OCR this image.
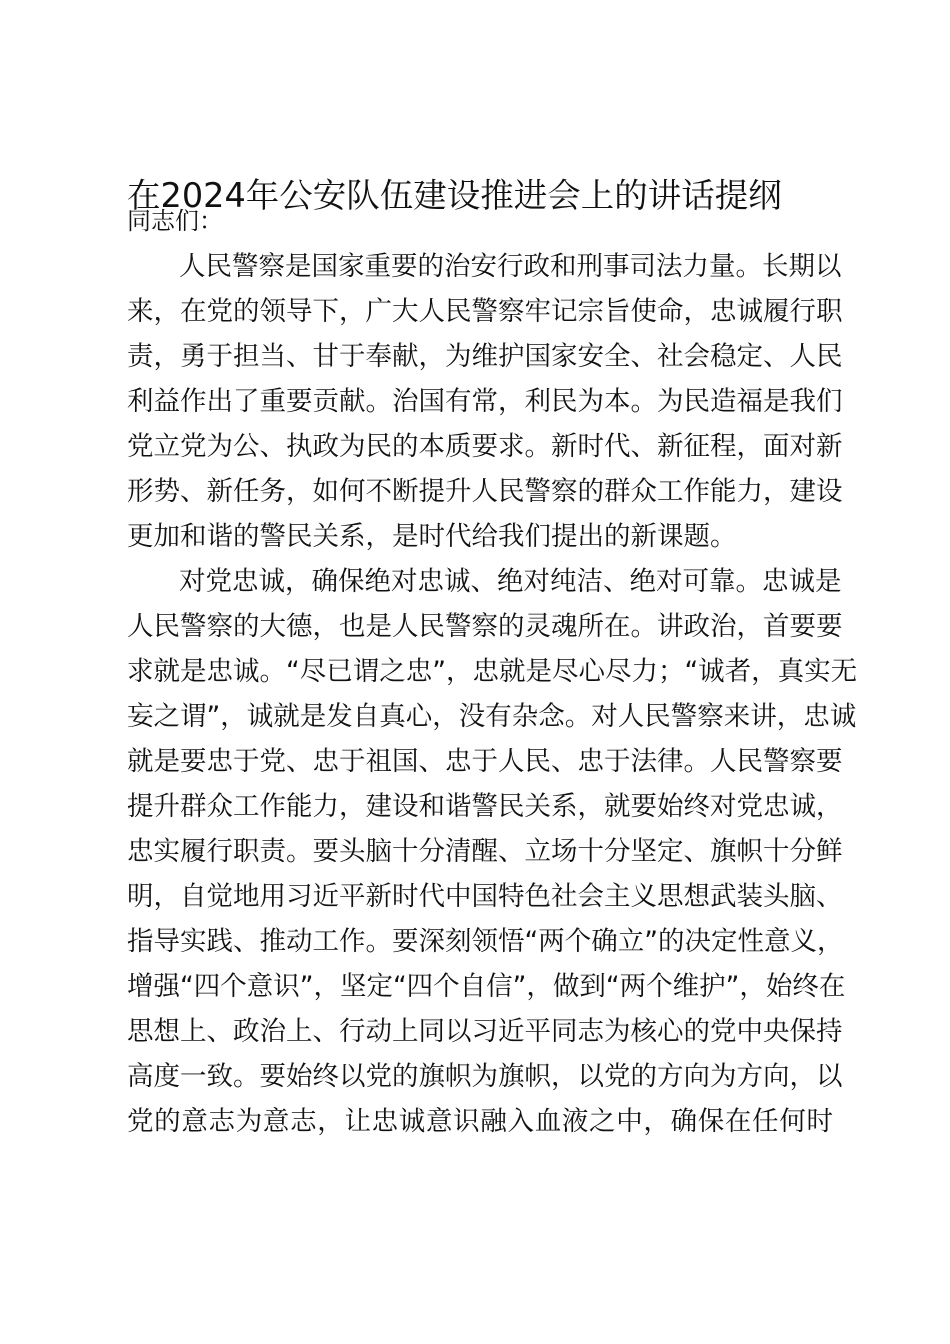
在2024年公安队伍建设推进会上的讲话提纲

同志们：

人民警察是国家重要的治安行政和刑事司法力量。长期以
来，在党的领导下，广大人民警察牢记宗旨使命，忠诚履行职
责，勇于担当、甘于奉献，为维护国家安全、社会稳定、人民
利益作出了重要贡献。治国有常，利民为本。为民造福是我们
党立党为公、执政为民的本质要求。新时代、新征程，面对新
形势、新任务，如何不断提升人民警察的群众工作能力，建设
更加和谐的警民关系，是时代给我们提出的新课题。
对党忠诚，确保绝对忠诚、绝对纯洁、绝对可靠。忠诚是
人民警察的大德，也是人民警察的灵魂所在。讲政治，首要要
求就是忠诚。“尽已谓之忠”，忠就是尽心尽力；“诚者，真实无
妄之谓”，诚就是发自真心，没有杂念。对人民警察来讲，忠诚
就是要忠于党、忠于祖国、忠于人民、忠于法律。人民警察要
提升群众工作能力，建设和谐警民关系，就要始终对党忠诚，
忠实履行职责。要头脑十分清醒、立场十分坚定、旗帜十分鲜
明，自觉地用习近平新时代中国特色社会主义思想武装头脑、
指导实践、推动工作。要深刻领悟“两个确立”的决定性意义，
增强“四个意识”，坚定“四个自信”，做到“两个维护”，始终在
思想上、政治上、行动上同以习近平同志为核心的党中央保持
高度一致。要始终以党的旗帜为旗帜，以党的方向为方向，以
党的意志为意志，让忠诚意识融入血液之中，确保在任何时
